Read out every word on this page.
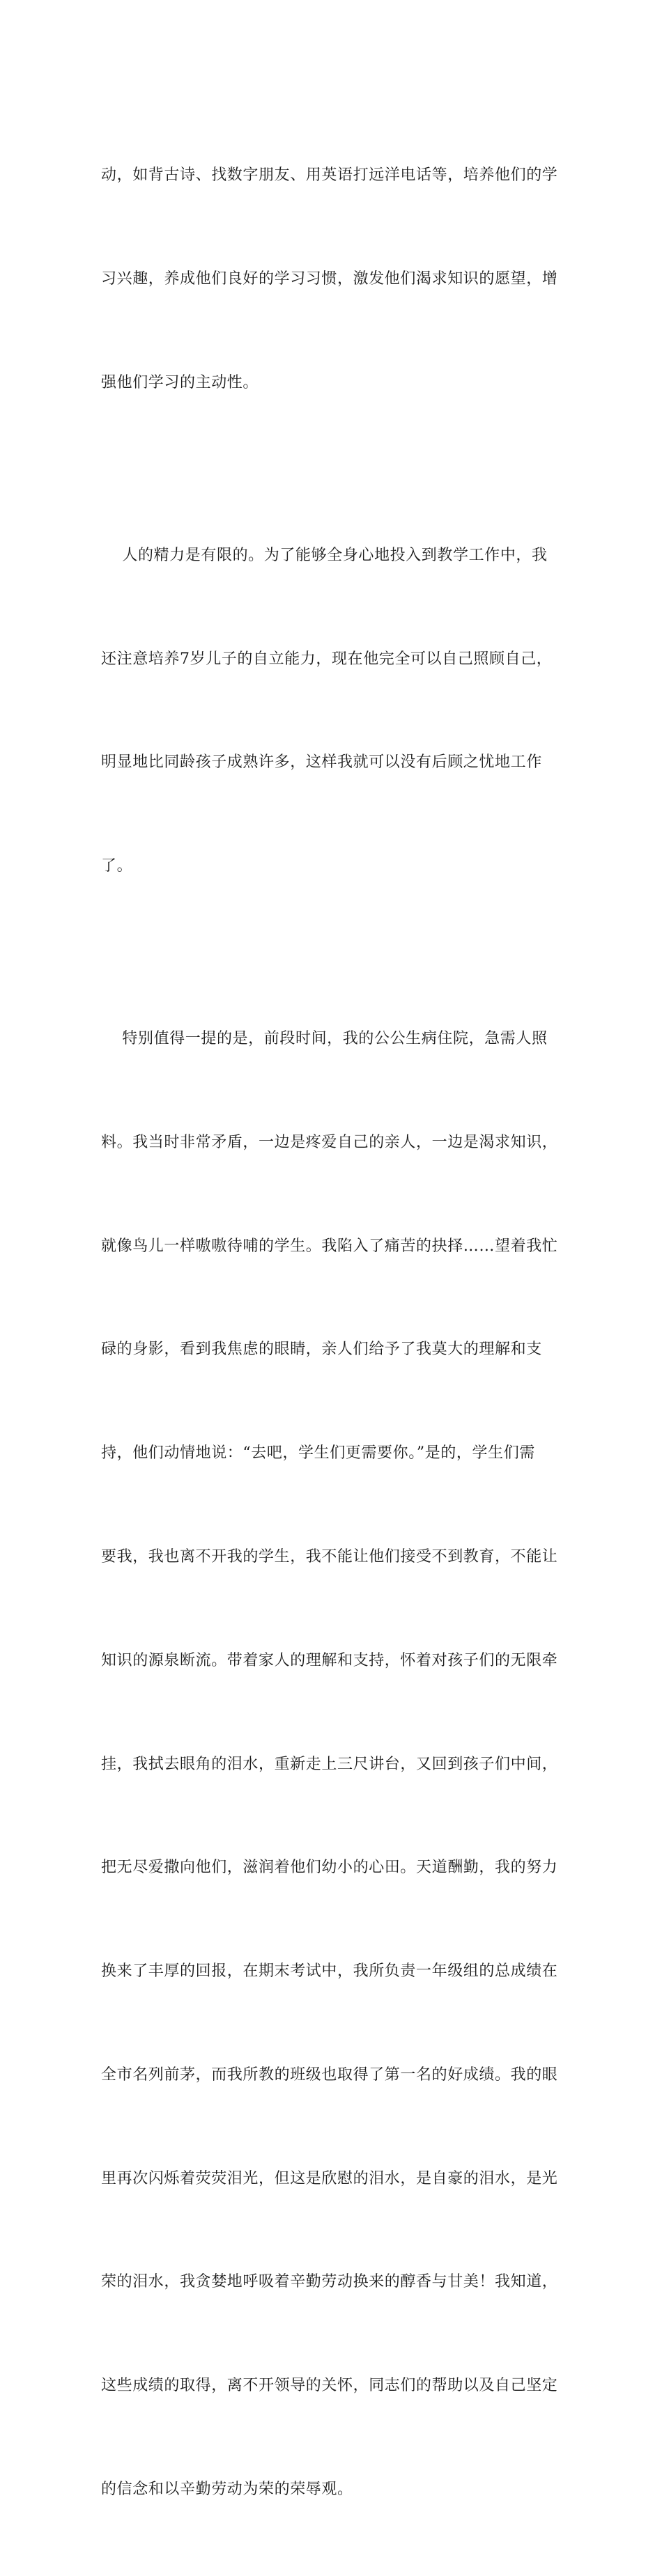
动，如背古诗、找数字朋友、用英语打远洋电话等，培养他们的学

习兴趣，养成他们良好的学习习惯，激发他们渴求知识的愿望，增

强他们学习的主动性。

人的精力是有限的。为了能够全身心地投入到教学工作中，我

还注意培养7岁儿子的自立能力，现在他完全可以自己照顾自己，

明显地比同龄孩子成熟许多，这样我就可以没有后顾之忧地工作

了。

特别值得一提的是，前段时间，我的公公生病住院，急需人照

料。我当时非常矛盾，一边是疼爱自己的亲人，一边是渴求知识，

就像鸟儿一样嗷嗷待哺的学生。我陷入了痛苦的抉择……望着我忙

碌的身影，看到我焦虑的眼睛，亲人们给予了我莫大的理解和支

持，他们动情地说：“去吧，学生们更需要你。”是的，学生们需

要我，我也离不开我的学生，我不能让他们接受不到教育，不能让

知识的源泉断流。带着家人的理解和支持，怀着对孩子们的无限牵

挂，我拭去眼角的泪水，重新走上三尺讲台，又回到孩子们中间，

把无尽爱撒向他们，滋润着他们幼小的心田。天道酬勤，我的努力

换来了丰厚的回报，在期末考试中，我所负责一年级组的总成绩在

全市名列前茅，而我所教的班级也取得了第一名的好成绩。我的眼

里再次闪烁着荧荧泪光，但这是欣慰的泪水，是自豪的泪水，是光

荣的泪水，我贪婪地呼吸着辛勤劳动换来的醇香与甘美！我知道，

这些成绩的取得，离不开领导的关怀，同志们的帮助以及自己坚定

的信念和以辛勤劳动为荣的荣辱观。
